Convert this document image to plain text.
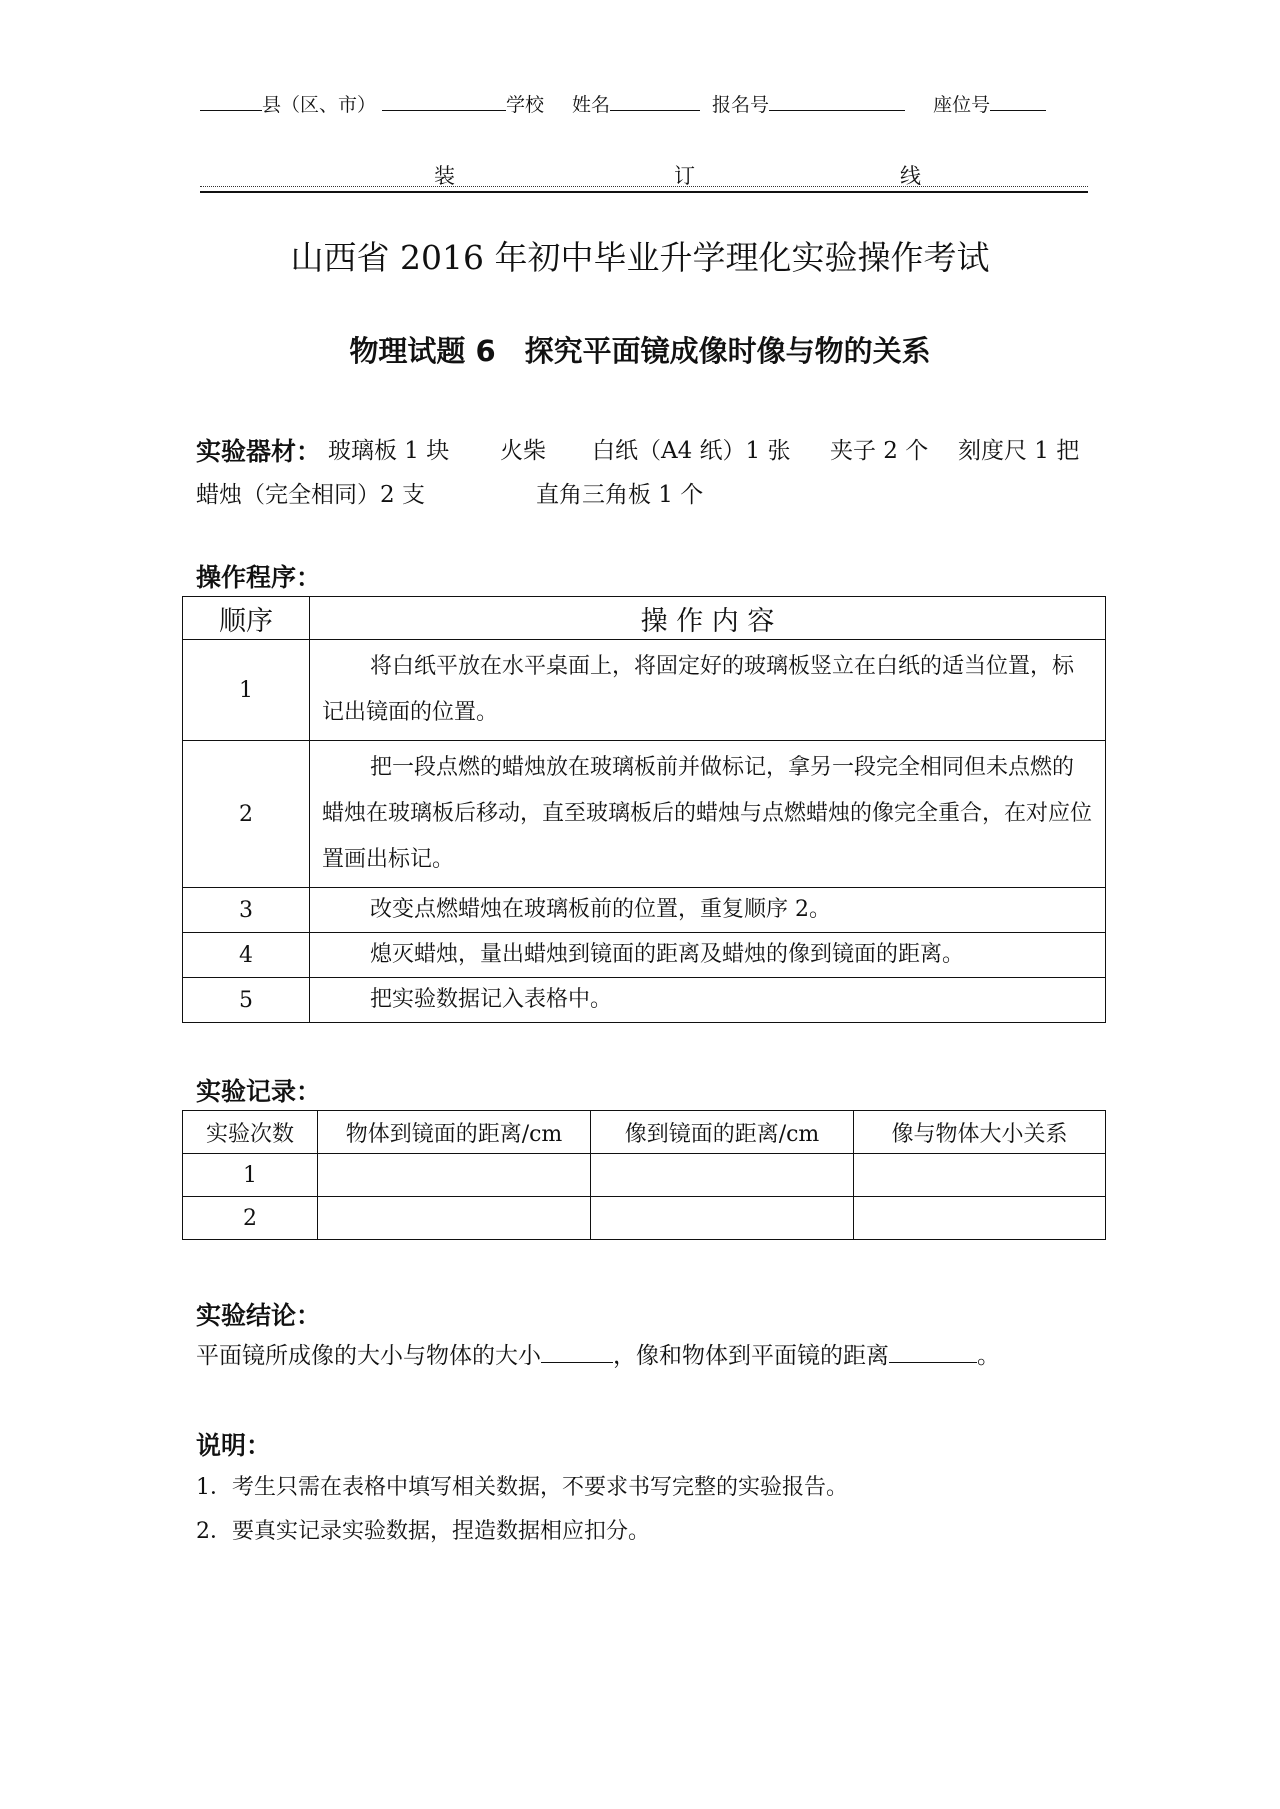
县（区、市）	学校 姓名	报名号	座位号
装	订	线
山西省 2016 年初中毕业升学理化实验操作考试
物理试题 6　探究平面镜成像时像与物的关系
实验器材： 玻璃板 1 块 火柴 白纸（A4 纸）1 张 夹子 2 个 刻度尺 1 把
蜡烛（完全相同）2 支	直角三角板 1 个
操作程序：
顺序	操 作 内 容
1	将白纸平放在水平桌面上，将固定好的玻璃板竖立在白纸的适当位置，标记出镜面的位置。
2	把一段点燃的蜡烛放在玻璃板前并做标记，拿另一段完全相同但未点燃的蜡烛在玻璃板后移动，直至玻璃板后的蜡烛与点燃蜡烛的像完全重合，在对应位置画出标记。
3	改变点燃蜡烛在玻璃板前的位置，重复顺序 2。
4	熄灭蜡烛，量出蜡烛到镜面的距离及蜡烛的像到镜面的距离。
5	把实验数据记入表格中。
实验记录：
实验次数	物体到镜面的距离/cm	像到镜面的距离/cm	像与物体大小关系
1			
2			
实验结论：
平面镜所成像的大小与物体的大小	，像和物体到平面镜的距离	。
说明：
1．考生只需在表格中填写相关数据，不要求书写完整的实验报告。
2．要真实记录实验数据，捏造数据相应扣分。
